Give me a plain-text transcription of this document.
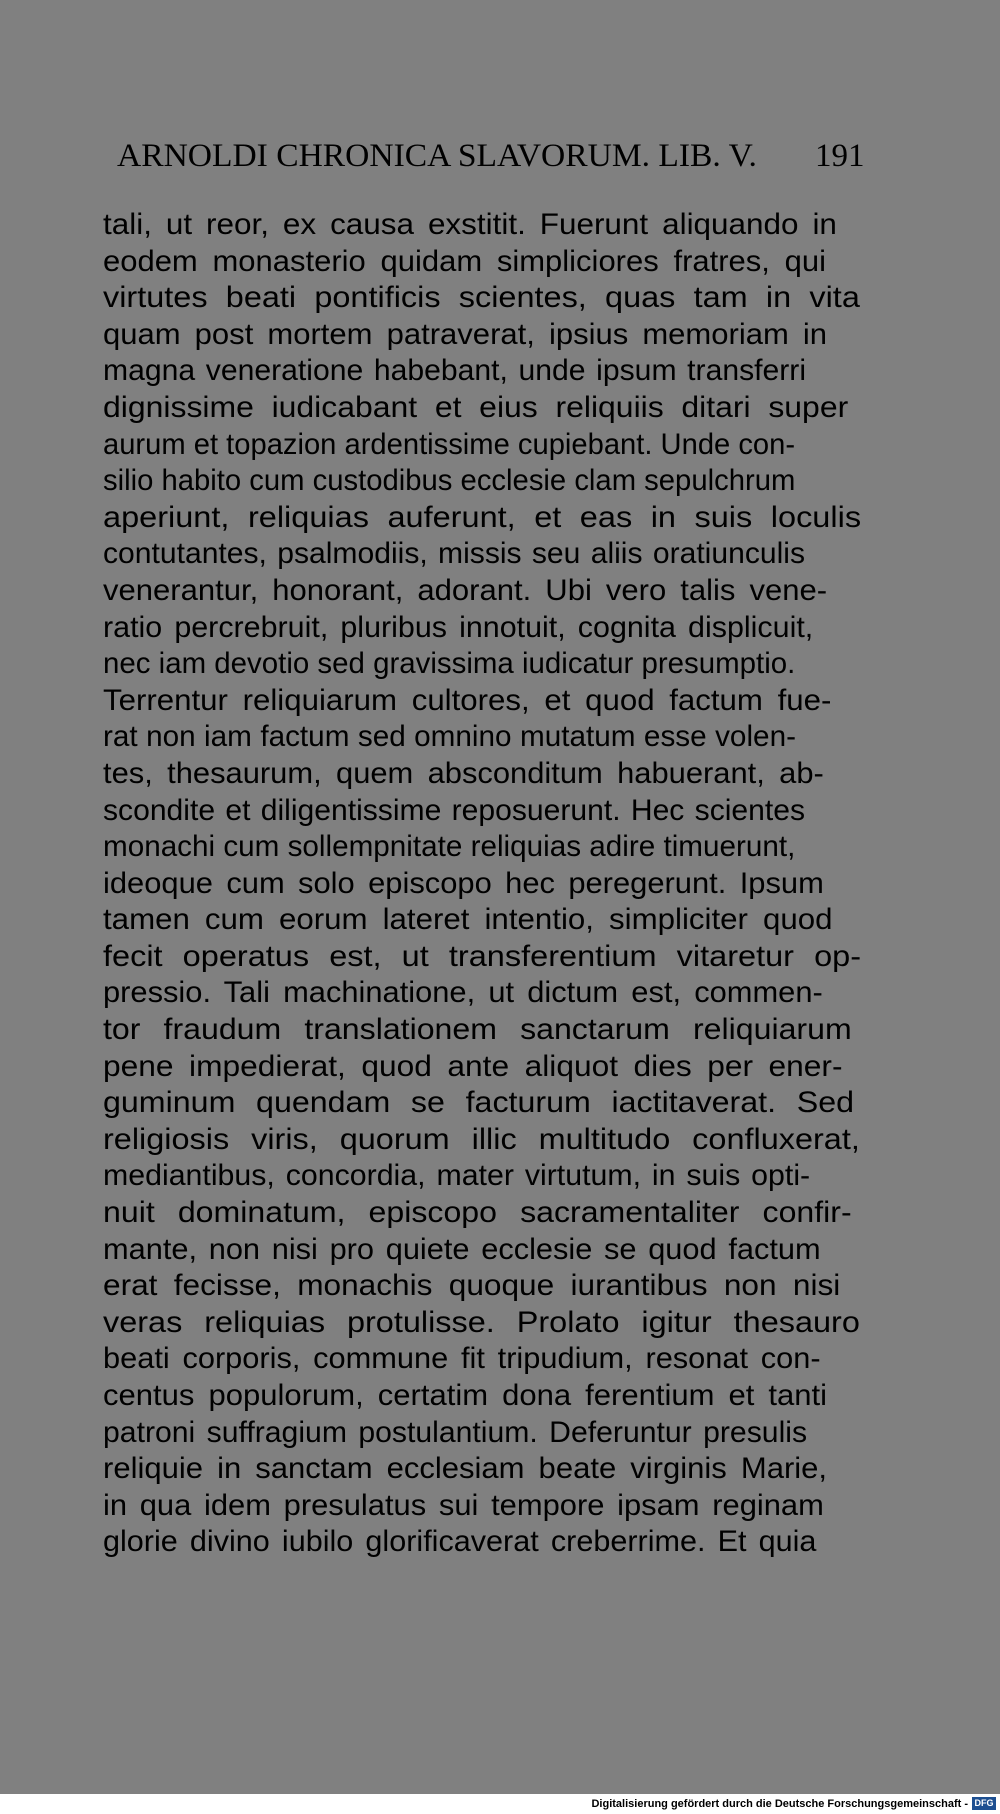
ARNOLDI CHRONICA SLAVORUM. LIB. V. 191
tali, ut reor, ex causa exstitit. Fuerunt aliquando in
eodem monasterio quidam simpliciores fratres, qui
virtutes beati pontificis scientes, quas tam in vita
quam post mortem patraverat, ipsius memoriam in
magna veneratione habebant, unde ipsum transferri
dignissime iudicabant et eius reliquiis ditari super
aurum et topazion ardentissime cupiebant. Unde con-
silio habito cum custodibus ecclesie clam sepulchrum
aperiunt, reliquias auferunt, et eas in suis loculis
contutantes, psalmodiis, missis seu aliis oratiunculis
venerantur, honorant, adorant. Ubi vero talis vene-
ratio percrebruit, pluribus innotuit, cognita displicuit,
nec iam devotio sed gravissima iudicatur presumptio.
Terrentur reliquiarum cultores, et quod factum fue-
rat non iam factum sed omnino mutatum esse volen-
tes, thesaurum, quem absconditum habuerant, ab-
scondite et diligentissime reposuerunt. Hec scientes
monachi cum sollempnitate reliquias adire timuerunt,
ideoque cum solo episcopo hec peregerunt. Ipsum
tamen cum eorum lateret intentio, simpliciter quod
fecit operatus est, ut transferentium vitaretur op-
pressio. Tali machinatione, ut dictum est, commen-
tor fraudum translationem sanctarum reliquiarum
pene impedierat, quod ante aliquot dies per ener-
guminum quendam se facturum iactitaverat. Sed
religiosis viris, quorum illic multitudo confluxerat,
mediantibus, concordia, mater virtutum, in suis opti-
nuit dominatum, episcopo sacramentaliter confir-
mante, non nisi pro quiete ecclesie se quod factum
erat fecisse, monachis quoque iurantibus non nisi
veras reliquias protulisse. Prolato igitur thesauro
beati corporis, commune fit tripudium, resonat con-
centus populorum, certatim dona ferentium et tanti
patroni suffragium postulantium. Deferuntur presulis
reliquie in sanctam ecclesiam beate virginis Marie,
in qua idem presulatus sui tempore ipsam reginam
glorie divino iubilo glorificaverat creberrime. Et quia
Digitalisierung gefördert durch die Deutsche Forschungsgemeinschaft - DFG
